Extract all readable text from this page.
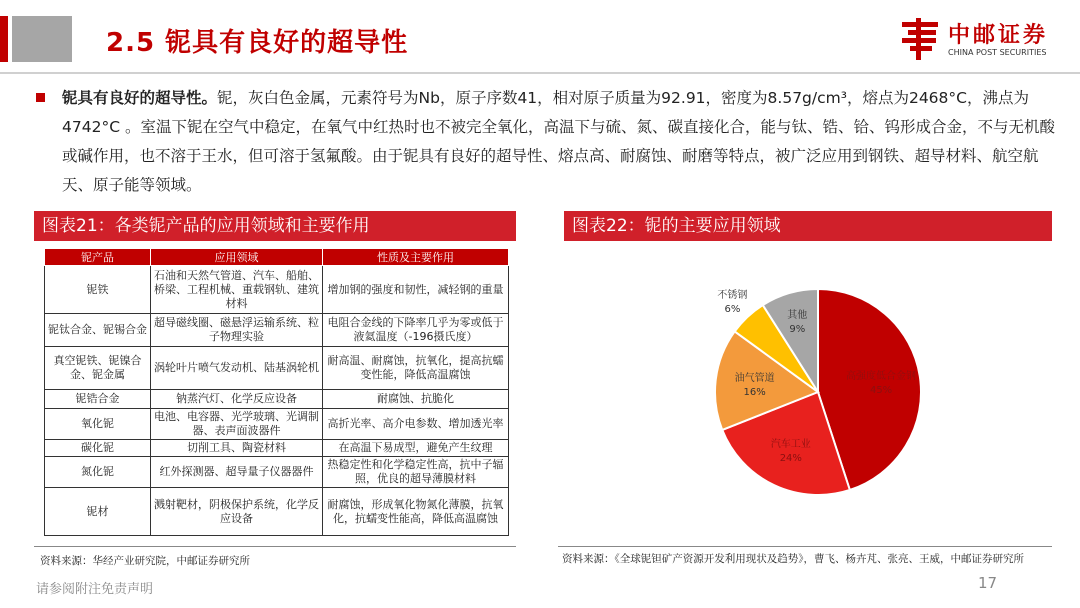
2.5 铌具有良好的超导性	中邮证券
CHINA POST SECURITIES
铌具有良好的超导性。铌，灰白色金属，元素符号为Nb，原子序数41，相对原子质量为92.91，密度为8.57g/cm³，熔点为2468°C，沸点为4742°C 。室温下铌在空气中稳定，在氧气中红热时也不被完全氧化，高温下与硫、氮、碳直接化合，能与钛、锆、铪、钨形成合金，不与无机酸或碱作用，也不溶于王水，但可溶于氢氟酸。由于铌具有良好的超导性、熔点高、耐腐蚀、耐磨等特点，被广泛应用到钢铁、超导材料、航空航天、原子能等领域。
图表21：各类铌产品的应用领域和主要作用	图表22：铌的主要应用领域
铌产品	应用领域	性质及主要作用
铌铁	石油和天然气管道、汽车、船舶、桥梁、工程机械、重载钢轨、建筑材料	增加钢的强度和韧性，减轻钢的重量
铌钛合金、铌锡合金	超导磁线圈、磁悬浮运输系统、粒子物理实验	电阻合金线的下降率几乎为零或低于液氦温度（-196摄氏度）
真空铌铁、铌镍合金、铌金属	涡轮叶片喷气发动机、陆基涡轮机	耐高温、耐腐蚀，抗氧化，提高抗蠕变性能，降低高温腐蚀
铌锆合金	钠蒸汽灯、化学反应设备	耐腐蚀、抗脆化
氧化铌	电池、电容器、光学玻璃、光调制器、表声面波器件	高折光率、高介电参数、增加透光率
碳化铌	切削工具、陶瓷材料	在高温下易成型，避免产生纹理
氮化铌	红外探测器、超导量子仪器器件	热稳定性和化学稳定性高，抗中子辐照，优良的超导薄膜材料
铌材	溅射靶材，阴极保护系统，化学反应设备	耐腐蚀，形成氧化物氮化薄膜，抗氧化，抗蠕变性能高，降低高温腐蚀
高强度低合金钢
45%
汽车工业
24%
油气管道
16%
不锈钢
6%
其他
9%
资料来源：华经产业研究院，中邮证券研究所	资料来源：《全球铌钽矿产资源开发利用现状及趋势》，曹飞、杨卉芃、张亮、王威，中邮证券研究所
请参阅附注免责声明	17
